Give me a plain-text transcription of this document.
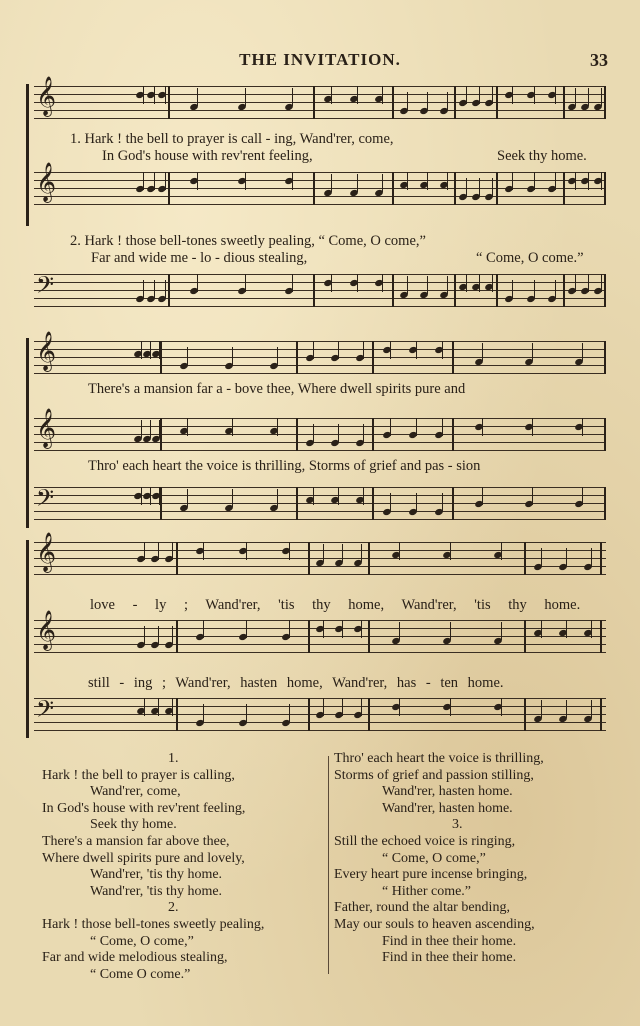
THE INVITATION.	33
𝄞
𝄞
𝄢
𝄞
𝄞
𝄢
𝄞
𝄞
𝄢
1. Hark ! the bell to prayer is call - ing, Wand'rer, come,
In God's house with rev'rent feeling,	Seek thy home.
2. Hark ! those bell-tones sweetly pealing, “ Come, O come,”
Far and wide me - lo - dious stealing,	“ Come, O come.”
There's a mansion far a - bove thee, Where dwell spirits pure and
Thro' each heart the voice is thrilling, Storms of grief and pas - sion
love - ly ; Wand'rer, 'tis thy home, Wand'rer, 'tis thy home.
still - ing ; Wand'rer, hasten home, Wand'rer, has - ten home.
1.
Hark ! the bell to prayer is calling,
Wand'rer, come,
In God's house with rev'rent feeling,
Seek thy home.
There's a mansion far above thee,
Where dwell spirits pure and lovely,
Wand'rer, 'tis thy home.
Wand'rer, 'tis thy home.
2.
Hark ! those bell-tones sweetly pealing,
“ Come, O come,”
Far and wide melodious stealing,
“ Come O come.”
Thro' each heart the voice is thrilling,
Storms of grief and passion stilling,
Wand'rer, hasten home.
Wand'rer, hasten home.
3.
Still the echoed voice is ringing,
“ Come, O come,”
Every heart pure incense bringing,
“ Hither come.”
Father, round the altar bending,
May our souls to heaven ascending,
Find in thee their home.
Find in thee their home.
